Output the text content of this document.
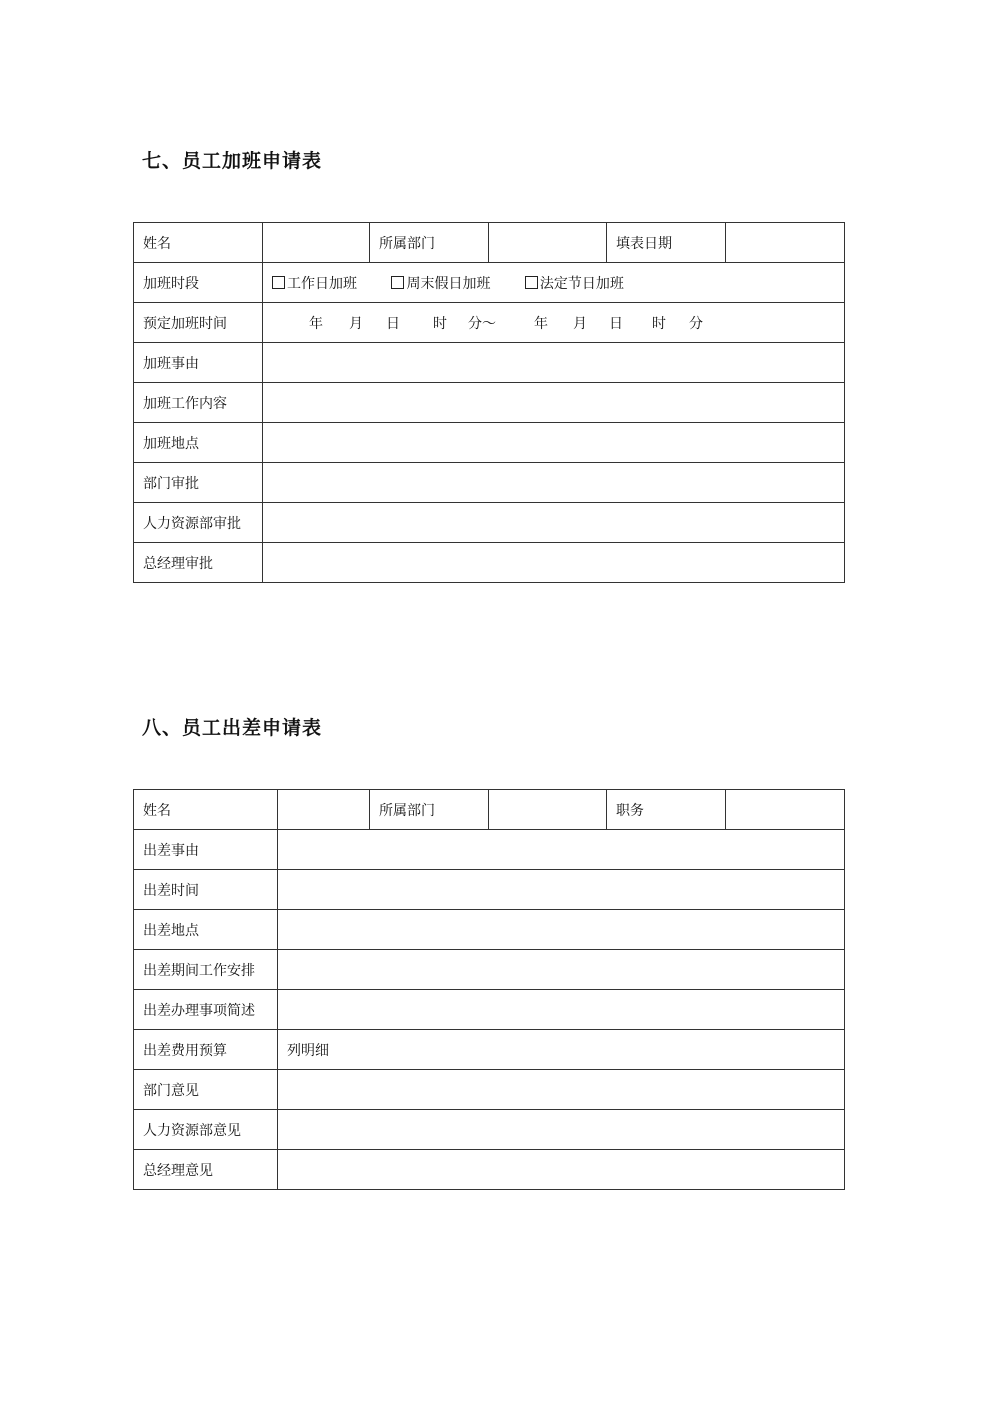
七、员工加班申请表
姓名		所属部门		填表日期	
加班时段	工作日加班 周末假日加班 法定节日加班				
预定加班时间	年 月 日 时 分～ 年 月 日 时 分				
加班事由					
加班工作内容					
加班地点					
部门审批					
人力资源部审批					
总经理审批					
八、员工出差申请表
姓名		所属部门		职务	
出差事由					
出差时间					
出差地点					
出差期间工作安排					
出差办理事项简述					
出差费用预算	列明细				
部门意见					
人力资源部意见					
总经理意见					
